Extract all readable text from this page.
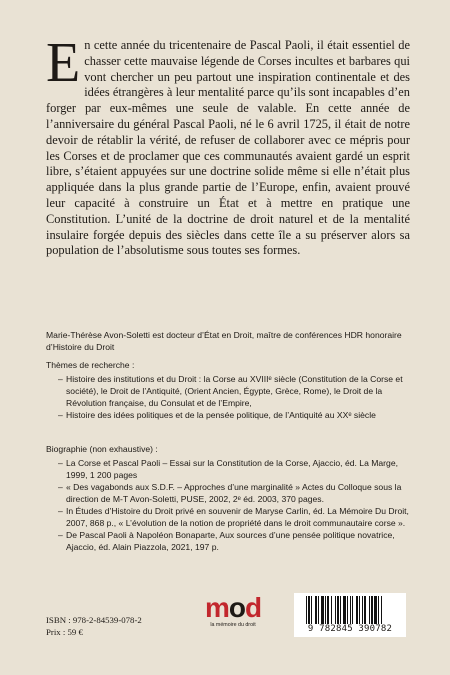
En cette année du tricentenaire de Pascal Paoli, il était essentiel de chasser cette mauvaise légende de Corses incultes et barbares qui vont chercher un peu partout une inspiration continentale et des idées étrangères à leur mentalité parce qu’ils sont incapables d’en forger par eux-mêmes une seule de valable. En cette année de l’anniversaire du général Pascal Paoli, né le 6 avril 1725, il était de notre devoir de rétablir la vérité, de refuser de collaborer avec ce mépris pour les Corses et de proclamer que ces communautés avaient gardé un esprit libre, s’étaient appuyées sur une doctrine solide même si elle n’était plus appliquée dans la plus grande partie de l’Europe, enfin, avaient prouvé leur capacité à construire un État et à mettre en pratique une Constitution. L’unité de la doctrine de droit naturel et de la mentalité insulaire forgée depuis des siècles dans cette île a su préserver alors sa population de l’absolutisme sous toutes ses formes.

Marie-Thérèse Avon-Soletti est docteur d’État en Droit, maître de conférences HDR honoraire d’Histoire du Droit

Thèmes de recherche :

– Histoire des institutions et du Droit : la Corse au XVIIIᵉ siècle (Constitution de la Corse et société), le Droit de l’Antiquité, (Orient Ancien, Égypte, Grèce, Rome), le Droit de la Révolution française, du Consulat et de l’Empire,
– Histoire des idées politiques et de la pensée politique, de l’Antiquité au XXᵉ siècle

Biographie (non exhaustive) :

– La Corse et Pascal Paoli – Essai sur la Constitution de la Corse, Ajaccio, éd. La Marge, 1999, 1 200 pages
– « Des vagabonds aux S.D.F. – Approches d’une marginalité » Actes du Colloque sous la direction de M-T Avon-Soletti, PUSE, 2002, 2ᵉ éd. 2003, 370 pages.
– In Études d’Histoire du Droit privé en souvenir de Maryse Carlin, éd. La Mémoire Du Droit, 2007, 868 p., « L’évolution de la notion de propriété dans le droit communautaire corse ».
– De Pascal Paoli à Napoléon Bonaparte, Aux sources d’une pensée politique novatrice, Ajaccio, éd. Alain Piazzola, 2021, 197 p.
ISBN : 978-2-84539-078-2
Prix : 59 €
mod
la mémoire du droit	9 782845 390782
